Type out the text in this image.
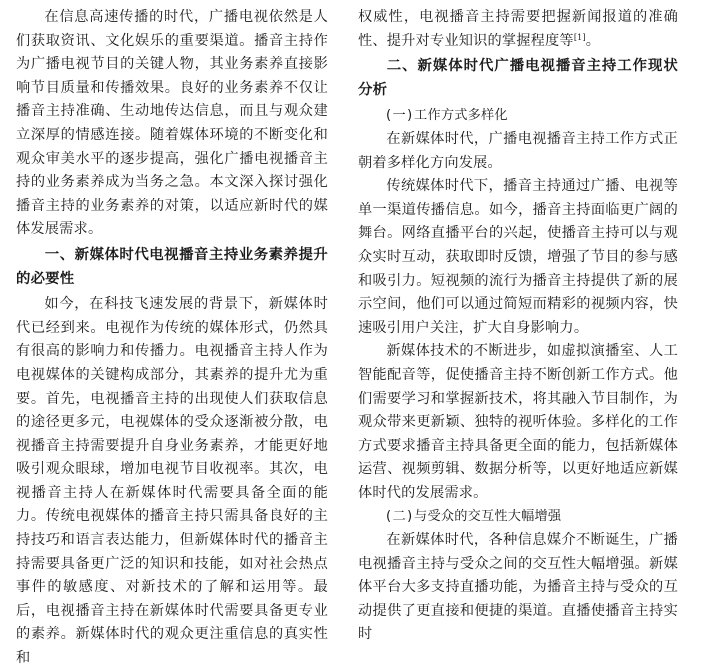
在信息高速传播的时代，广播电视依然是人们获取资讯、文化娱乐的重要渠道。播音主持作为广播电视节目的关键人物，其业务素养直接影响节目质量和传播效果。良好的业务素养不仅让播音主持准确、生动地传达信息，而且与观众建立深厚的情感连接。随着媒体环境的不断变化和观众审美水平的逐步提高，强化广播电视播音主持的业务素养成为当务之急。本文深入探讨强化播音主持的业务素养的对策，以适应新时代的媒体发展需求。

一、新媒体时代电视播音主持业务素养提升的必要性

如今，在科技飞速发展的背景下，新媒体时代已经到来。电视作为传统的媒体形式，仍然具有很高的影响力和传播力。电视播音主持人作为电视媒体的关键构成部分，其素养的提升尤为重要。首先，电视播音主持的出现使人们获取信息的途径更多元，电视媒体的受众逐渐被分散，电视播音主持需要提升自身业务素养，才能更好地吸引观众眼球，增加电视节目收视率。其次，电视播音主持人在新媒体时代需要具备全面的能力。传统电视媒体的播音主持只需具备良好的主持技巧和语言表达能力，但新媒体时代的播音主持需要具备更广泛的知识和技能，如对社会热点事件的敏感度、对新技术的了解和运用等。最后，电视播音主持在新媒体时代需要具备更专业的素养。新媒体时代的观众更注重信息的真实性和

权威性，电视播音主持需要把握新闻报道的准确性、提升对专业知识的掌握程度等[1]。

二、新媒体时代广播电视播音主持工作现状分析
(一)工作方式多样化

在新媒体时代，广播电视播音主持工作方式正朝着多样化方向发展。

传统媒体时代下，播音主持通过广播、电视等单一渠道传播信息。如今，播音主持面临更广阔的舞台。网络直播平台的兴起，使播音主持可以与观众实时互动，获取即时反馈，增强了节目的参与感和吸引力。短视频的流行为播音主持提供了新的展示空间，他们可以通过简短而精彩的视频内容，快速吸引用户关注，扩大自身影响力。

新媒体技术的不断进步，如虚拟演播室、人工智能配音等，促使播音主持不断创新工作方式。他们需要学习和掌握新技术，将其融入节目制作，为观众带来更新颖、独特的视听体验。多样化的工作方式要求播音主持具备更全面的能力，包括新媒体运营、视频剪辑、数据分析等，以更好地适应新媒体时代的发展需求。

(二)与受众的交互性大幅增强

在新媒体时代，各种信息媒介不断诞生，广播电视播音主持与受众之间的交互性大幅增强。新媒体平台大多支持直播功能，为播音主持与受众的互动提供了更直接和便捷的渠道。直播使播音主持实时
